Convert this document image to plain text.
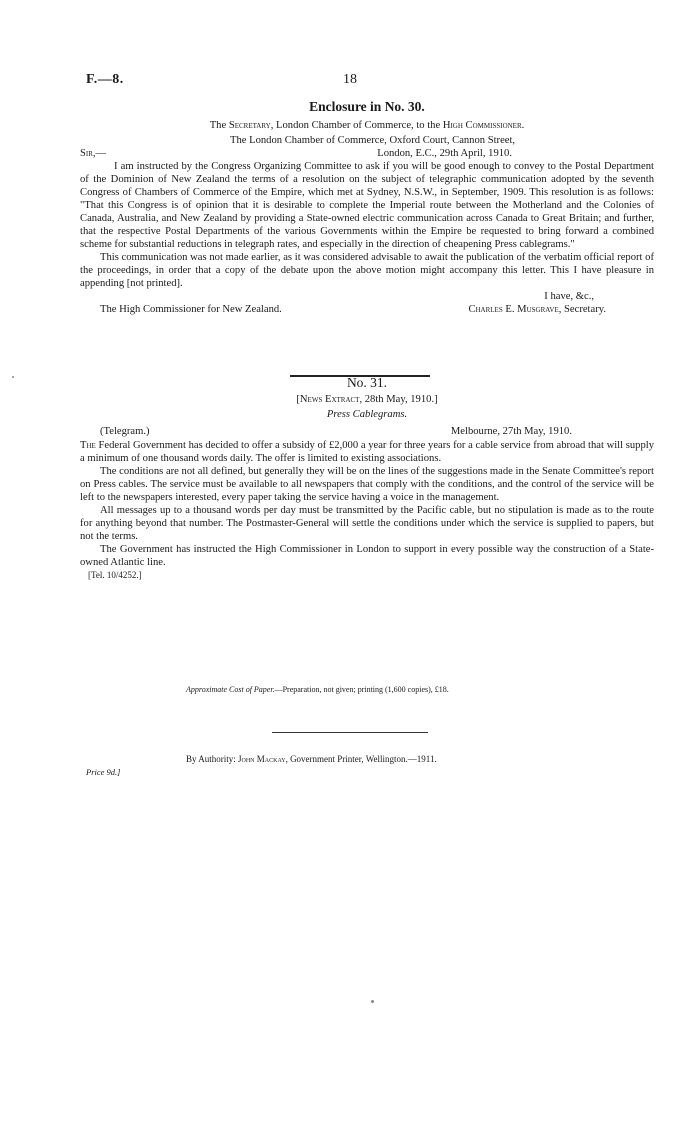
F.—8.	18
Enclosure in No. 30.
The Secretary, London Chamber of Commerce, to the High Commissioner.
The London Chamber of Commerce, Oxford Court, Cannon Street,
Sir,—	London, E.C., 29th April, 1910.

I am instructed by the Congress Organizing Committee to ask if you will be good enough to convey to the Postal Department of the Dominion of New Zealand the terms of a resolution on the subject of telegraphic communication adopted by the seventh Congress of Chambers of Commerce of the Empire, which met at Sydney, N.S.W., in September, 1909. This resolution is as follows: "That this Congress is of opinion that it is desirable to complete the Imperial route between the Motherland and the Colonies of Canada, Australia, and New Zealand by providing a State-owned electric communication across Canada to Great Britain; and further, that the respective Postal Departments of the various Governments within the Empire be requested to bring forward a combined scheme for substantial reductions in telegraph rates, and especially in the direction of cheapening Press cablegrams."

This communication was not made earlier, as it was considered advisable to await the publication of the verbatim official report of the proceedings, in order that a copy of the debate upon the above motion might accompany this letter. This I have pleasure in appending [not printed].

I have, &c.,
The High Commissioner for New Zealand.	Charles E. Musgrave, Secretary.
No. 31.
[News Extract, 28th May, 1910.]
Press Cablegrams.
(Telegram.)	Melbourne, 27th May, 1910.

The Federal Government has decided to offer a subsidy of £2,000 a year for three years for a cable service from abroad that will supply a minimum of one thousand words daily. The offer is limited to existing associations.

The conditions are not all defined, but generally they will be on the lines of the suggestions made in the Senate Committee's report on Press cables. The service must be available to all newspapers that comply with the conditions, and the control of the service will be left to the newspapers interested, every paper taking the service having a voice in the management.

All messages up to a thousand words per day must be transmitted by the Pacific cable, but no stipulation is made as to the route for anything beyond that number. The Postmaster-General will settle the conditions under which the service is supplied to papers, but not the terms.

The Government has instructed the High Commissioner in London to support in every possible way the construction of a State-owned Atlantic line.

[Tel. 10/4252.]
Approximate Cost of Paper.—Preparation, not given; printing (1,600 copies), £18.
By Authority: John Mackay, Government Printer, Wellington.—1911.
Price 9d.]
